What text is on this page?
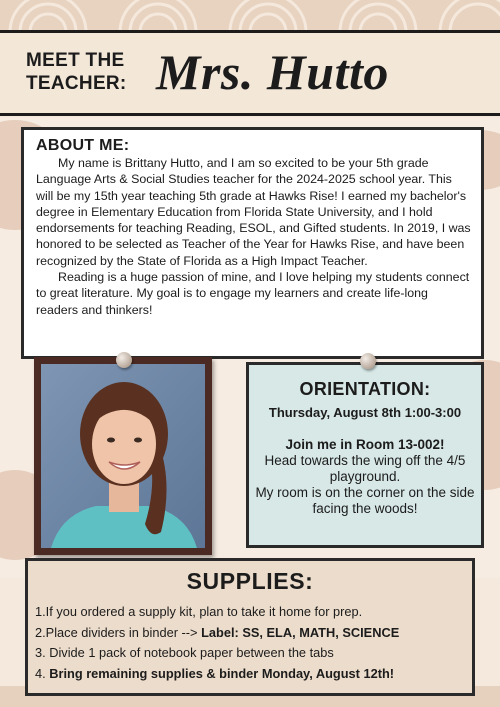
MEET THE
TEACHER: Mrs. Hutto
ABOUT ME:

My name is Brittany Hutto, and I am so excited to be your 5th grade Language Arts & Social Studies teacher for the 2024-2025 school year. This will be my 15th year teaching 5th grade at Hawks Rise! I earned my bachelor's degree in Elementary Education from Florida State University, and I hold endorsements for teaching Reading, ESOL, and Gifted students. In 2019, I was honored to be selected as Teacher of the Year for Hawks Rise, and have been recognized by the State of Florida as a High Impact Teacher.

Reading is a huge passion of mine, and I love helping my students connect to great literature. My goal is to engage my learners and create life-long readers and thinkers!

ORIENTATION:
Thursday, August 8th 1:00-3:00
Join me in Room 13-002!
Head towards the wing off the 4/5 playground.
My room is on the corner on the side facing the woods!
SUPPLIES:
1.If you ordered a supply kit, plan to take it home for prep.
2.Place dividers in binder --> Label: SS, ELA, MATH, SCIENCE
3. Divide 1 pack of notebook paper between the tabs
4. Bring remaining supplies & binder Monday, August 12th!
